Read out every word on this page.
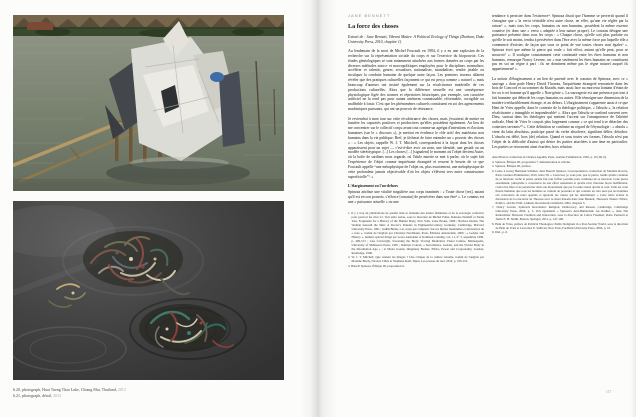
6.20, photograph, Huai Tueng Thao Lake, Chiang Mai, Thailand, 2012
6.21, photograph, détail, 2012
JANE BENNETT
La force des choses

Extrait de : Jane Bennett, Vibrant Matter: A Political Ecology of Things (Durham, Duke University Press, 2010, chapitre 1).

Au lendemain de la mort de Michel Foucault en 1984, il y a eu une explosion de la recherche sur la représentation sociale du corps et sur l'exercice du biopouvoir. Ces études généalogiques se sont notamment attachées aux formes données au corps par les diverses méthodes micro- et macropolitiques employées pour le discipliner, normaliser, accélérer et ralentir, genrer, sexualiser, nationaliser, mondialiser, rendre jetable ou inculquer la conduite humaine de quelque autre façon. Les premiers travaux allaient révéler que des pratiques culturelles façonnent ce qui est perçu comme « naturel », mais beaucoup d'auteurs ont insisté également sur la récalcitrance matérielle de ces productions culturelles. Alors que la différence sexuelle est une conséquence physiologique figée des normes et répertoires historiques, par exemple, son caractère artificiel ne la rend pas pour autant aisément connaissable, réformable, corrigible ou malléable à loisir. C'est que les phénomènes culturels constituent en soi des agencements machiniques puissants, qui ont un pouvoir de résistance.

Je reviendrai à mon tour sur cette récalcitrance des choses, mais j'essaierai de mettre en lumière les capacités positives et productives qu'elles possèdent également. Au lieu de me concentrer sur le collectif conçu avant tout comme un agrégat d'intentions et d'actions humaines (sur le « discours »), je mettrai en évidence le rôle actif des matériaux non humains dans la vie publique. Bref, je tâcherai de faire entendre un « pouvoir des choses » : « Les objets, rappelle W. J. T. Mitchell, correspondent à la façon dont les choses apparaissent pour un sujet — c'est-à-dire avec un nom, une identité, une gestalt ou un modèle stéréotypique. [...] Les choses [...] [signalent] le moment où l'objet devient Autre, où la boîte de sardines nous regarde, où l'idole muette se met à parler, où le sujet fait l'expérience de l'objet comme inquiétante étrangeté et ressent le besoin de ce que Foucault appelle “une métaphysique de l'objet ou, plus exactement, une métaphysique de cette profondeur jamais objectivable d'où les objets s'élèvent vers notre connaissance superficielle”². »

L'élargissement ou l'au-dehors

Spinoza attribue une vitalité singulière aux corps inanimés : « Toute chose [res], autant qu'il est en son pouvoir, s'efforce [conatur] de persévérer dans son être³ ». Le conatus est une « puissance actuelle » ou une

1. Il y a trop de publications de qualité dans le domaine des études féministes et de la sexologie collective pour pouvoir les citer ici. Voir entre autres, sous la direction de Michel Feher, Ramona Naddaff et Nadia Tazi, Fragments for a History of the Human Body, New York, Zone Books, 1989 ; Barbara Duden, The Woman beneath the Skin: A Doctor's Patients in Eighteenth-Century Germany, Cambridge, Harvard University Press, 1991 ; Judith Butler, Ces corps qui comptent. Sur les limites matérielles et discursives du « sexe », traduit de l'anglais par Charlotte Nordmann, Paris, Éditions Amsterdam, 2009 ; « Gender and History », numéro spécial dirigé par Leora Auslander et Kathleen Canning, vol. 11, n° 3, septembre 1999, p. 499-513 ; Lisa Cartwright, Screening the Body: Tracing Medicine's Visual Culture, Minneapolis, University of Minnesota Press, 1995 ; Kathryn Conrad, « Surveillance, Gender, and the Virtual Body in the Information Age » ; et Moira Gatens, Imaginary Bodies: Ethics, Power and Corporeality, London, Routledge, 1996.

2. W. J. T. Mitchell, Que veulent les images ? Une critique de la culture visuelle, traduit de l'anglais par Maxime Boidy, Nicolas Cilins et Stéphane Roth, Dijon, Les presses du réel, 2014, p. 106-110.

3. Baruch Spinoza, Éthique III, proposition 6,

tendance à persister dans l'existence⁴. Spinoza disait que l'homme se pervertit quand il s'imagine que « la vertu véritable n'est autre chose, en effet, qu'une vie réglée par la raison⁵ », mais tous les corps, humains ou non humains, possèdent la même essence conative (et donc une « vertu » adaptée à leur nature propre). Le conatus désigne une puissance présente dans tous les corps : « Chaque chose, qu'elle soit plus parfaite ou qu'elle le soit moins, tendra à persévérer dans l'être avec la même force par laquelle elle a commencé d'exister, de façon que sous ce point de vue toutes choses sont égales⁶ ». Spinoza écrit que même la pierre qui roule « fait effort, autant qu'elle peut, pour se mouvoir⁷ ». Il souligne constamment cette continuité entre les êtres humains et non humains, remarque Nancy Levene, car « non seulement les êtres humains ne constituent pas en soi un règne à part : ils ne dominent même pas le règne naturel auquel ils appartiennent⁸ ».

La notion d'élargissement a un lien de parenté avec le conatus de Spinoza, avec ce « sauvage » dont parle Henry David Thoreau, l'inquiétante étrangeté rencontrée dans les bois de Concord et au sommet du Ktaadn, mais aussi face au morceau lointain d'étain de fer ou à cet homme qu'il appelle « Non-génie ». La sauvagerie est une présence pas tout à fait humaine qui déborde les corps humains ou autres. Elle témoigne une dimension de la matière irréductiblement étrange, et au dehors. L'élargissement s'apparente aussi à ce que Hent de Vries appelle, dans le contexte de la théologie politique, « l'absolu », la relation récalcitrante « intangible et imponderable⁹ ». Alors que l'absolu se confond souvent avec Dieu, surtout dans les théologies qui mettent l'accent sur l'omnipotence de l'altérité radicale, Hent de Vries le conçoit plus largement comme « ce qui tend à se détacher des contextes servants¹⁰ ». Cette définition se confirme au regard de l'étymologie : « absolu » vient du latin absolutus, participe passé du verbe absolvere, signifiant délier, détacher. L'absolu est délié, hors (de) relation. Quand et sous toutes ses formes, l'absolu n'est pas l'objet de la difficulté d'autrui qui désire les parties attachées à une âme en particulier. Les parties se retrouvent ainsi écartées, hors relation.

dans Œuvres, traduction de Charles Appuhn, Paris, Garnier-Flammarion, 1965, p. 10 (III, 6).

4. Spinoza, Éthique III, proposition 7, démonstration et scholie.

5. Spinoza, Éthique III, préface.

6. Lettre à Georg Hermann Schuller, dans Baruch Spinoza, Correspondance, traduction de Maxime Rovère, Paris, Garnier-Flammarion, 2010, lettre 58. « Concevez, je vous prie, que la pierre, tandis qu'elle continue de se mouvoir, sache et pense qu'elle fait tout l'effort possible pour continuer de se mouvoir. Cette pierre assurément, puisqu'elle a conscience de son effort seulement et qu'elle n'est d'aucune façon indifférente, croira être libre et ne persévérer dans son mouvement que par la seule raison qu'elle le veut. Telle est cette liberté humaine que tous les hommes se vantent de posséder et qui consiste en cela seul que les hommes ont conscience de leurs appétits et ignorent les causes qui les déterminent. » Cette lettre éclaire la discussion de la rencontre de Thoreau avec le mont Ktaadn dans Jane Bennett, Thoreau's Nature: Ethics, Politics, and the Wild, Lanham, Rowman & Littlefield, 2002, chapitre 5.

7. Nancy Levene, Spinoza's Revelation: Religion, Democracy, and Reason, Cambridge, Cambridge University Press, 2004, p. 3. Voir également « Spinoza's Anti-Humanism: An Outline », dans The Rationalists: Between Tradition and Innovation, sous la direction de Carlos Fraenkel, Dario Perinetti et Justin E. H. Smith, Boston, Springer, 2011, p. 147-166.

8. Hent de Vries, préface de Political Theologies: Public Religions in a Post-Secular World, sous la direction de Hent de Vries et Lawrence E. Sullivan, New York, Fordham University Press, 2006, p. 16.

9. Ibid., p. 6.

117
